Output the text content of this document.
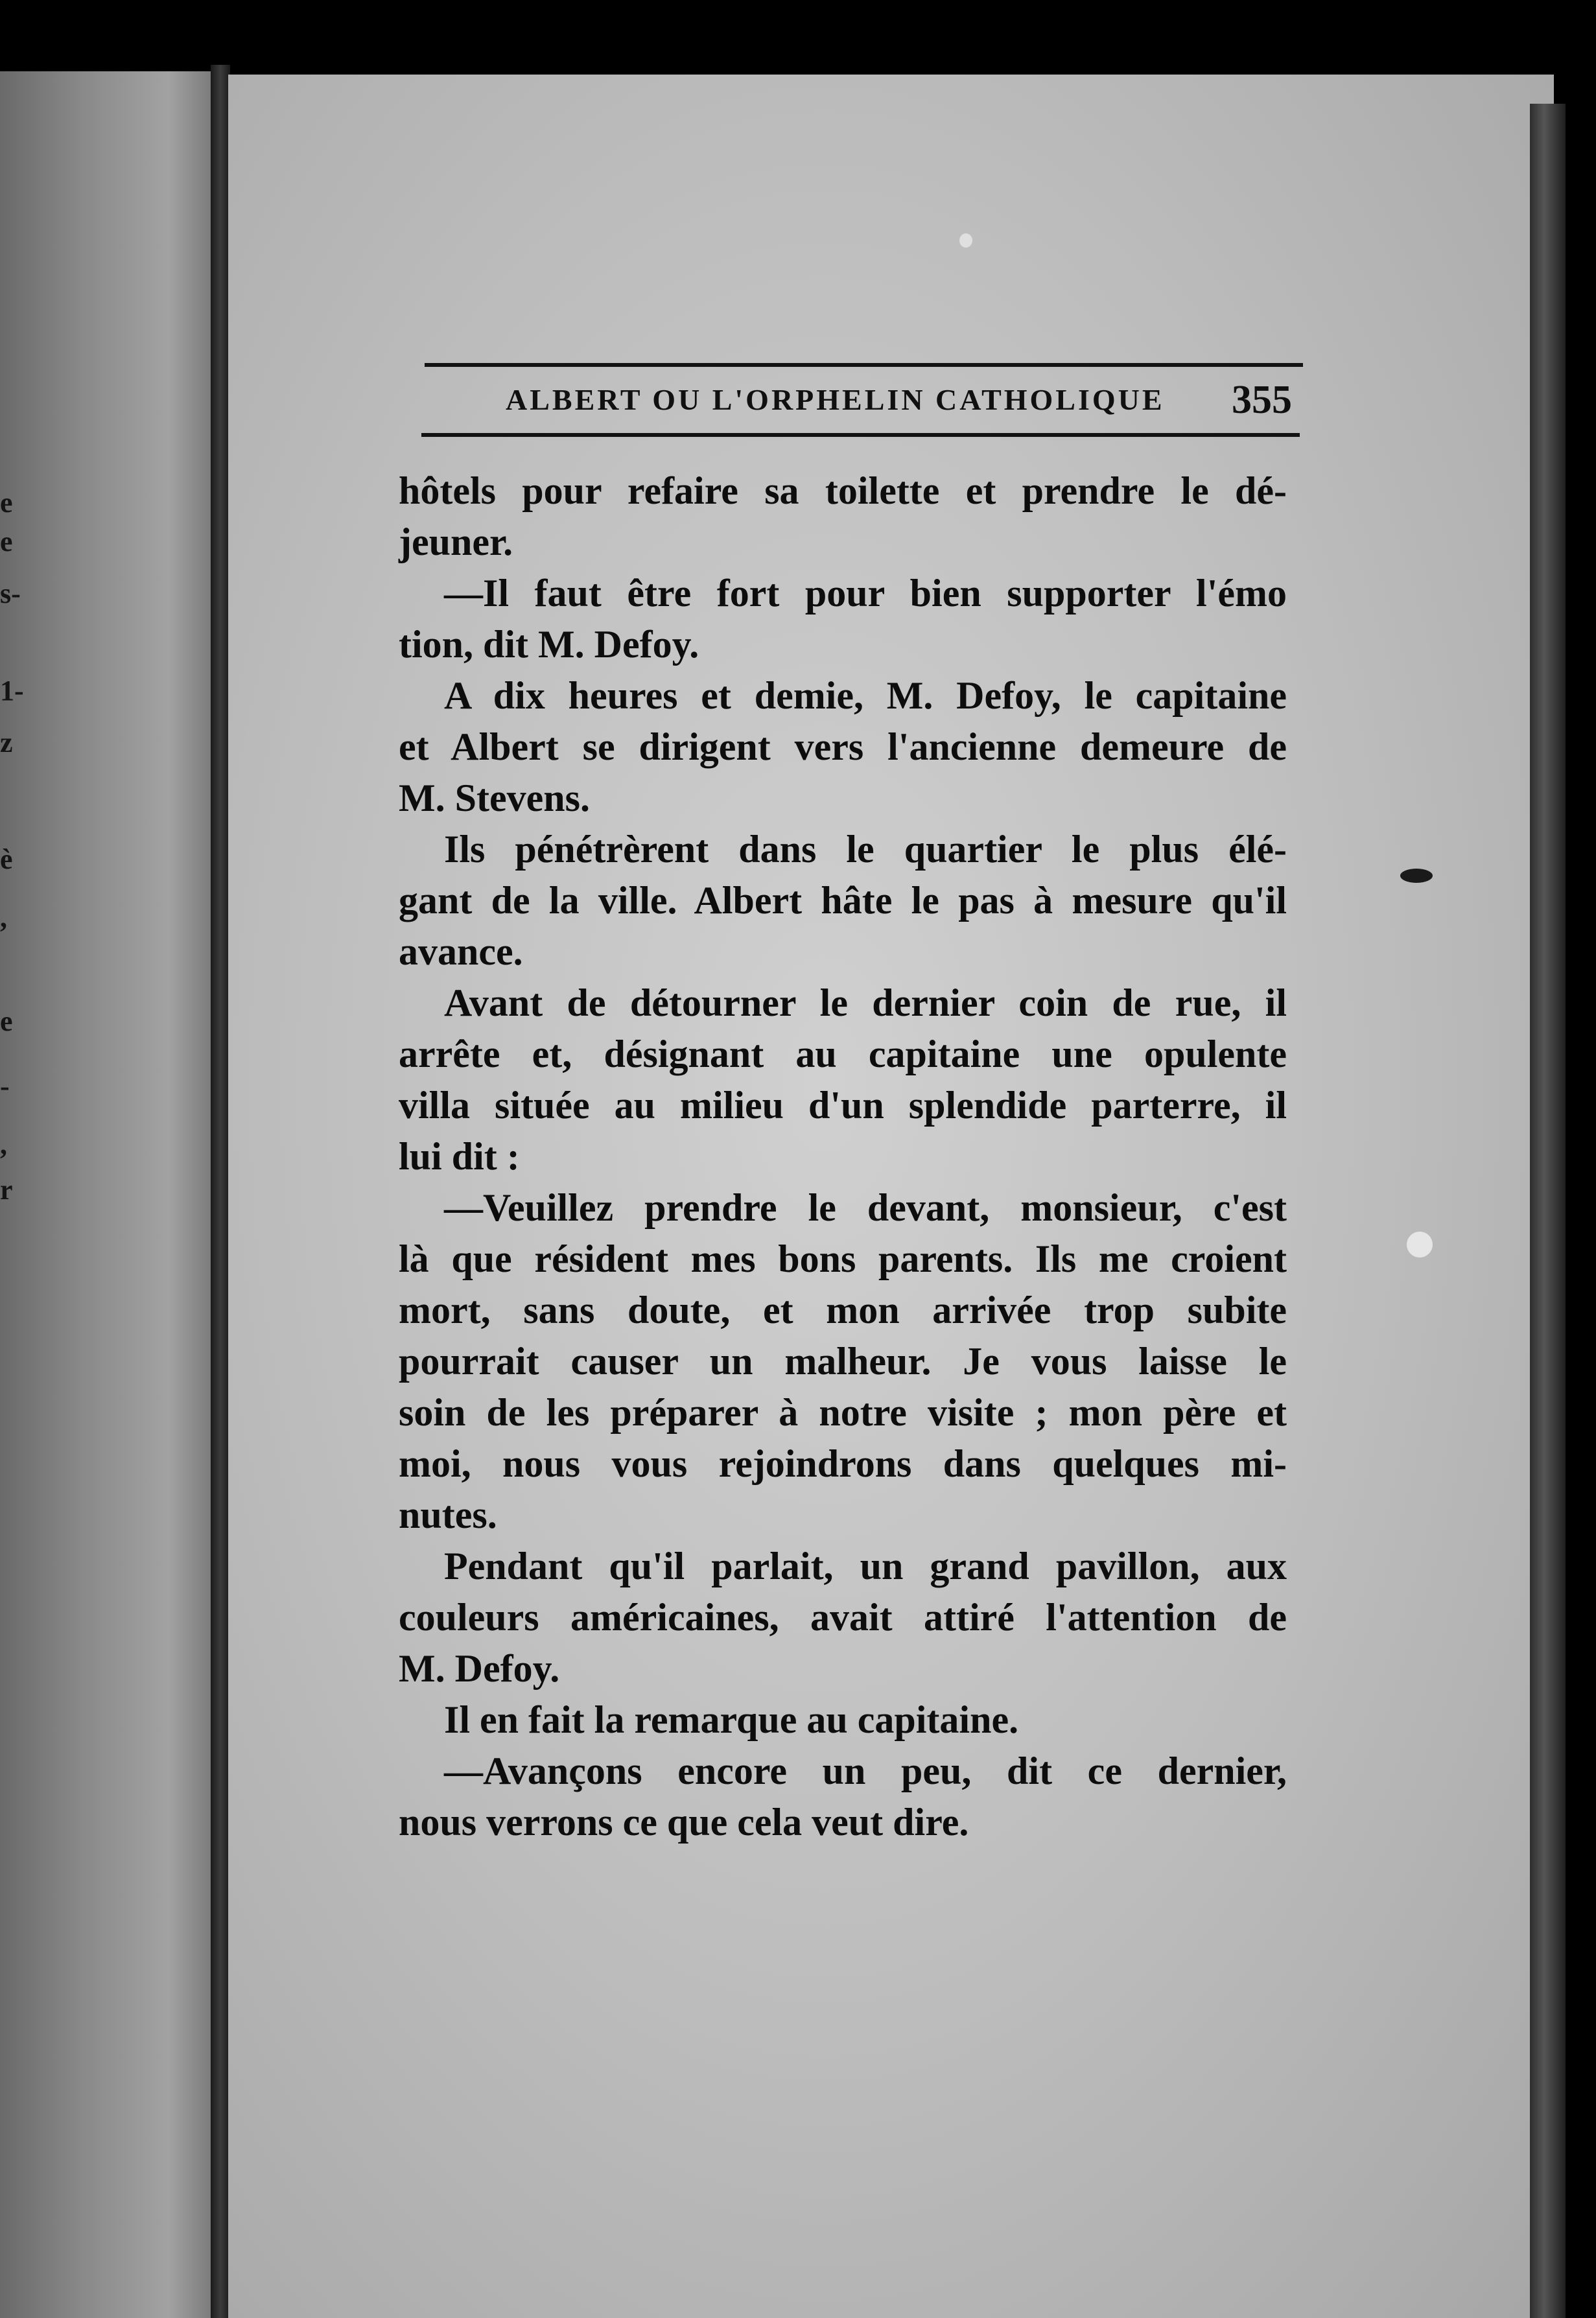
e
e
s-
1-
z
è
,
e
-
,
r
ALBERT OU L'ORPHELIN CATHOLIQUE 355
hôtels pour refaire sa toilette et prendre le dé-
jeuner.
—Il faut être fort pour bien supporter l'émo
tion, dit M. Defoy.
A dix heures et demie, M. Defoy, le capitaine
et Albert se dirigent vers l'ancienne demeure de
M. Stevens.
Ils pénétrèrent dans le quartier le plus élé-
gant de la ville. Albert hâte le pas à mesure qu'il
avance.
Avant de détourner le dernier coin de rue, il
arrête et, désignant au capitaine une opulente
villa située au milieu d'un splendide parterre, il
lui dit :
—Veuillez prendre le devant, monsieur, c'est
là que résident mes bons parents. Ils me croient
mort, sans doute, et mon arrivée trop subite
pourrait causer un malheur. Je vous laisse le
soin de les préparer à notre visite ; mon père et
moi, nous vous rejoindrons dans quelques mi-
nutes.
Pendant qu'il parlait, un grand pavillon, aux
couleurs américaines, avait attiré l'attention de
M. Defoy.
Il en fait la remarque au capitaine.
—Avançons encore un peu, dit ce dernier,
nous verrons ce que cela veut dire.
